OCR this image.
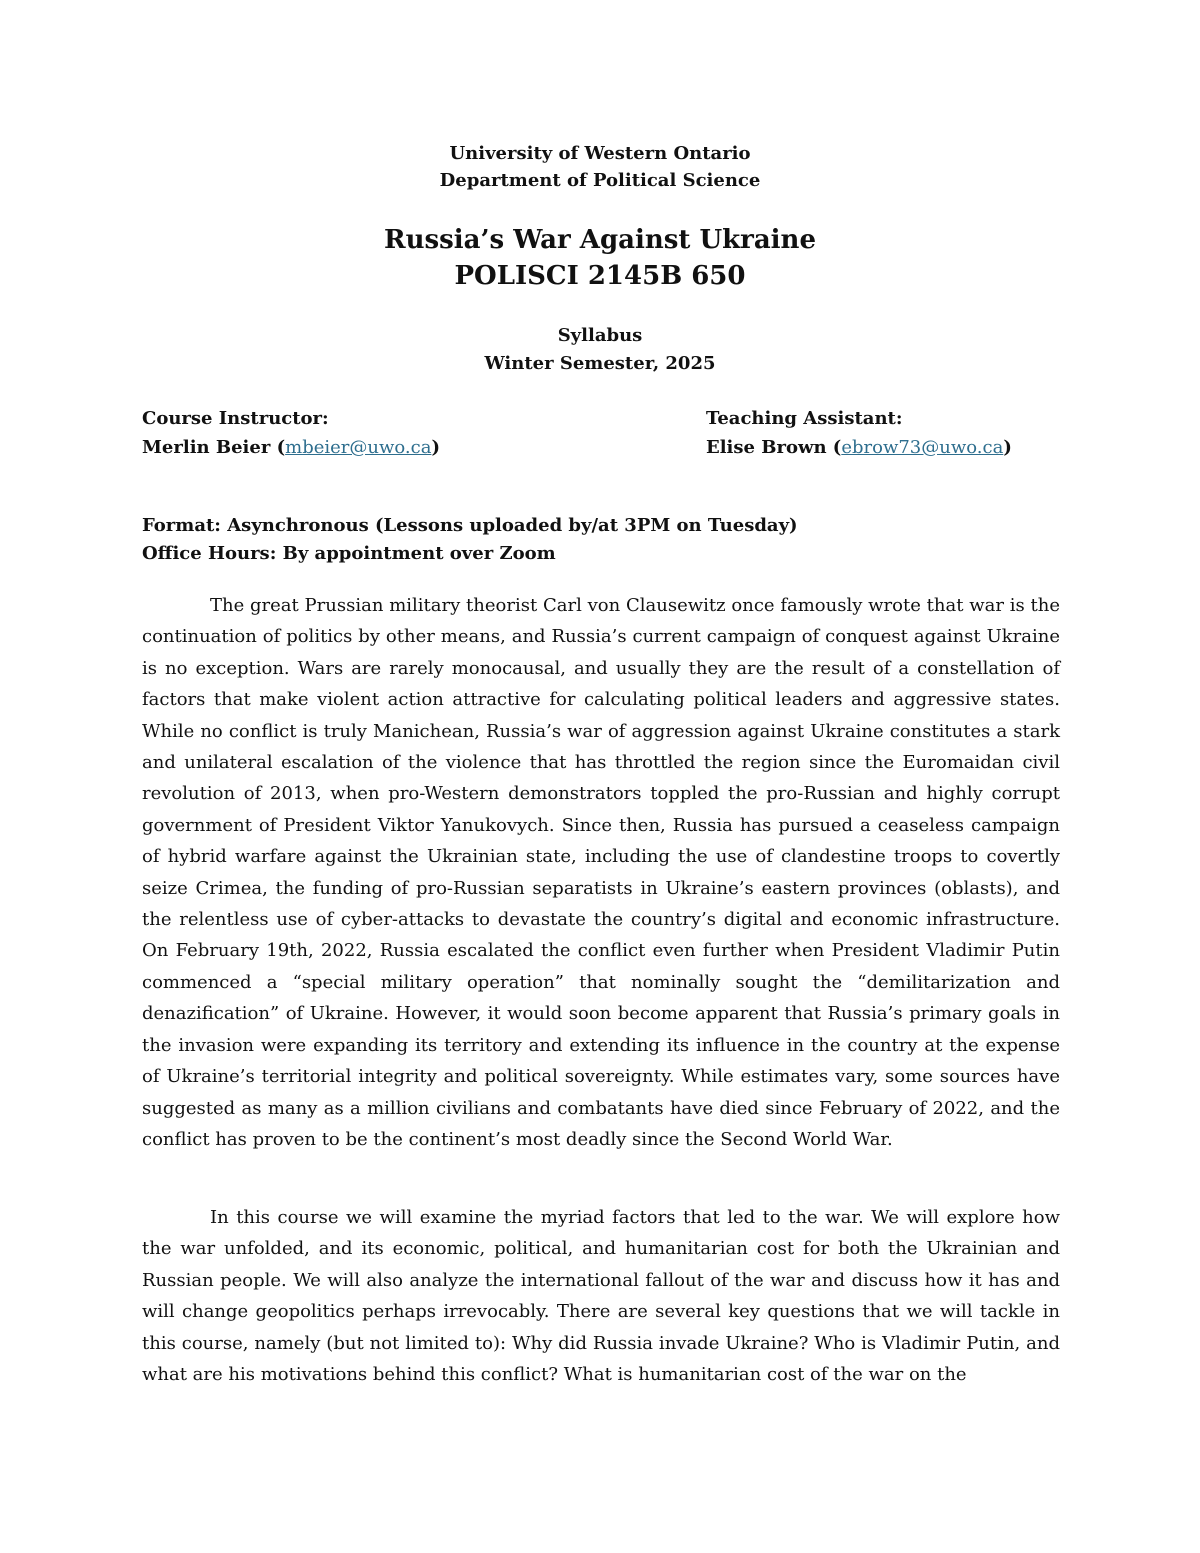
University of Western Ontario
Department of Political Science
Russia’s War Against Ukraine
POLISCI 2145B 650
Syllabus
Winter Semester, 2025
Course Instructor:
Merlin Beier (mbeier@uwo.ca)
Teaching Assistant:
Elise Brown (ebrow73@uwo.ca)
Format: Asynchronous (Lessons uploaded by/at 3PM on Tuesday)
Office Hours: By appointment over Zoom

The great Prussian military theorist Carl von Clausewitz once famously wrote that war is the continuation of politics by other means, and Russia’s current campaign of conquest against Ukraine is no exception. Wars are rarely monocausal, and usually they are the result of a constellation of factors that make violent action attractive for calculating political leaders and aggressive states. While no conflict is truly Manichean, Russia’s war of aggression against Ukraine constitutes a stark and unilateral escalation of the violence that has throttled the region since the Euromaidan civil revolution of 2013, when pro-Western demonstrators toppled the pro-Russian and highly corrupt government of President Viktor Yanukovych. Since then, Russia has pursued a ceaseless campaign of hybrid warfare against the Ukrainian state, including the use of clandestine troops to covertly seize Crimea, the funding of pro-Russian separatists in Ukraine’s eastern provinces (oblasts), and the relentless use of cyber-attacks to devastate the country’s digital and economic infrastructure. On February 19th, 2022, Russia escalated the conflict even further when President Vladimir Putin commenced a “special military operation” that nominally sought the “demilitarization and denazification” of Ukraine. However, it would soon become apparent that Russia’s primary goals in the invasion were expanding its territory and extending its influence in the country at the expense of Ukraine’s territorial integrity and political sovereignty. While estimates vary, some sources have suggested as many as a million civilians and combatants have died since February of 2022, and the conflict has proven to be the continent’s most deadly since the Second World War.

In this course we will examine the myriad factors that led to the war. We will explore how the war unfolded, and its economic, political, and humanitarian cost for both the Ukrainian and Russian people. We will also analyze the international fallout of the war and discuss how it has and will change geopolitics perhaps irrevocably. There are several key questions that we will tackle in this course, namely (but not limited to): Why did Russia invade Ukraine? Who is Vladimir Putin, and what are his motivations behind this conflict? What is humanitarian cost of the war on the
